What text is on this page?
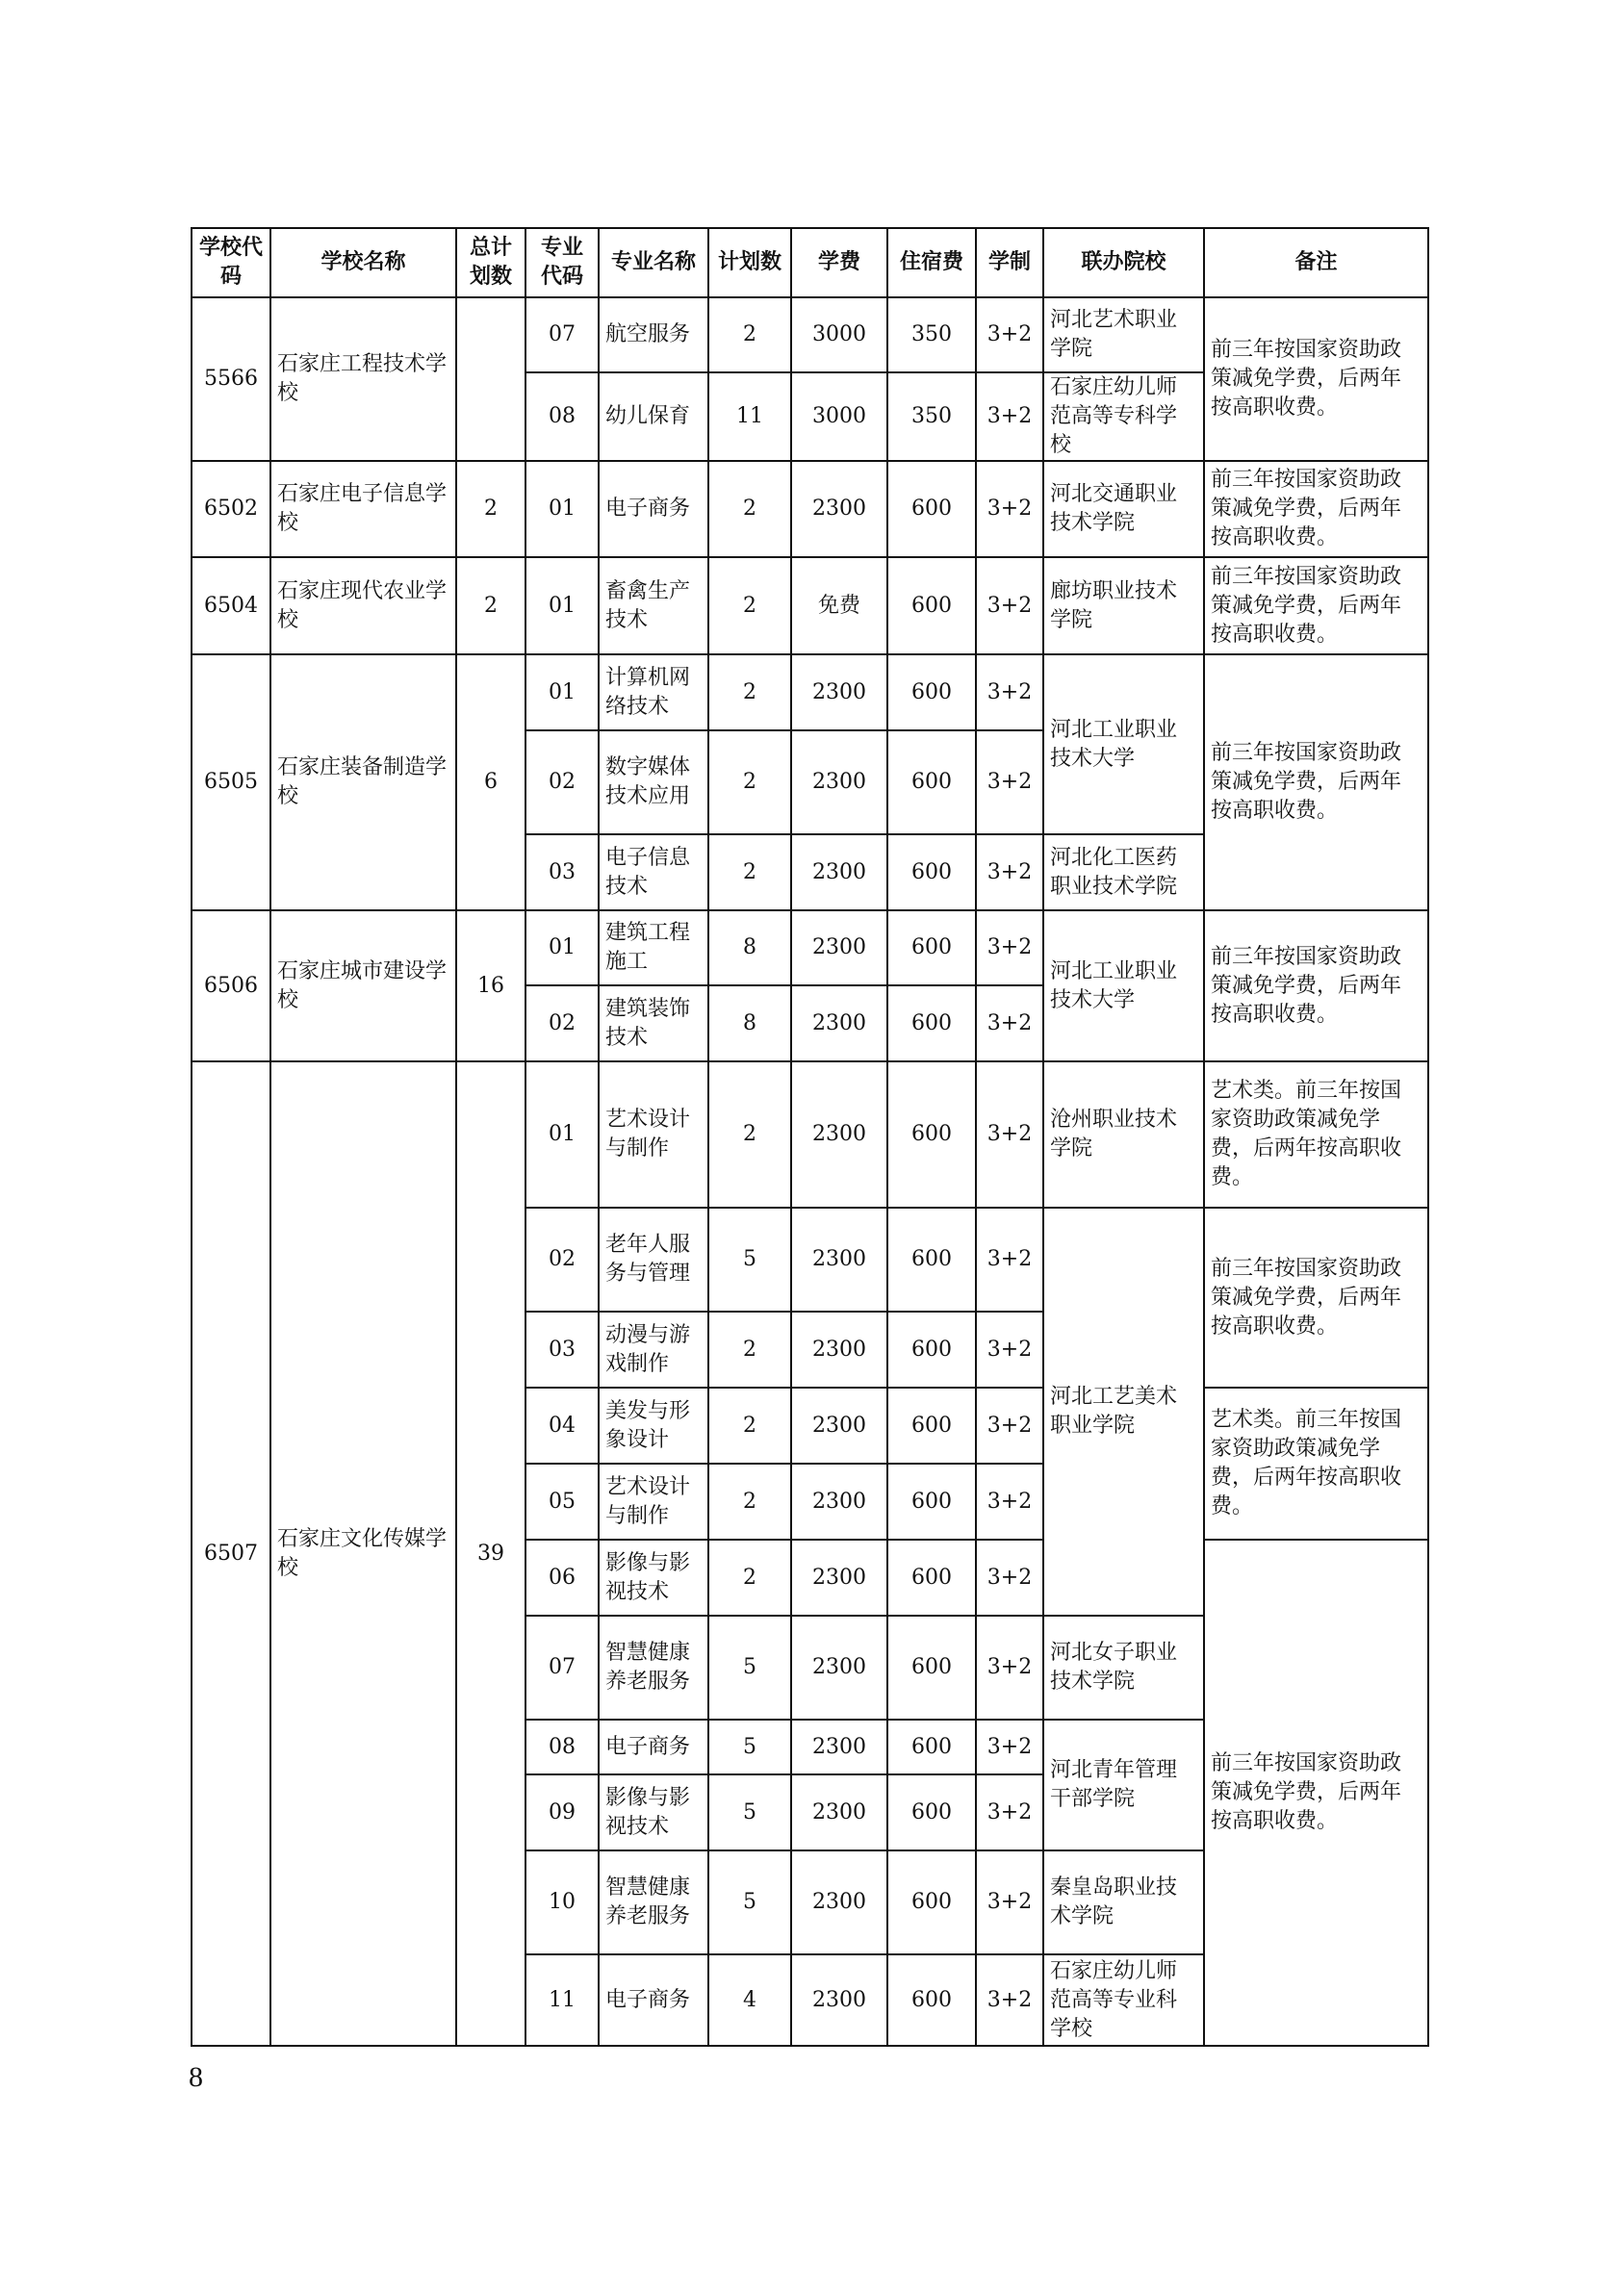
学校代码	学校名称	总计划数	专业代码	专业名称	计划数	学费	住宿费	学制	联办院校	备注
5566	石家庄工程技术学校		07	航空服务	2	3000	350	3+2	河北艺术职业学院	前三年按国家资助政策减免学费，后两年按高职收费。
			08	幼儿保育	11	3000	350	3+2	石家庄幼儿师范高等专科学校	
6502	石家庄电子信息学校	2	01	电子商务	2	2300	600	3+2	河北交通职业技术学院	前三年按国家资助政策减免学费，后两年按高职收费。
6504	石家庄现代农业学校	2	01	畜禽生产技术	2	免费	600	3+2	廊坊职业技术学院	前三年按国家资助政策减免学费，后两年按高职收费。
6505	石家庄装备制造学校	6	01	计算机网络技术	2	2300	600	3+2	河北工业职业技术大学	前三年按国家资助政策减免学费，后两年按高职收费。
			02	数字媒体技术应用	2	2300	600	3+2		
			03	电子信息技术	2	2300	600	3+2	河北化工医药职业技术学院	
6506	石家庄城市建设学校	16	01	建筑工程施工	8	2300	600	3+2	河北工业职业技术大学	前三年按国家资助政策减免学费，后两年按高职收费。
			02	建筑装饰技术	8	2300	600	3+2		
6507	石家庄文化传媒学校	39	01	艺术设计与制作	2	2300	600	3+2	沧州职业技术学院	艺术类。前三年按国家资助政策减免学费，后两年按高职收费。
			02	老年人服务与管理	5	2300	600	3+2	河北工艺美术职业学院	前三年按国家资助政策减免学费，后两年按高职收费。
			03	动漫与游戏制作	2	2300	600	3+2		
			04	美发与形象设计	2	2300	600	3+2		艺术类。前三年按国家资助政策减免学费，后两年按高职收费。
			05	艺术设计与制作	2	2300	600	3+2		
			06	影像与影视技术	2	2300	600	3+2		前三年按国家资助政策减免学费，后两年按高职收费。
			07	智慧健康养老服务	5	2300	600	3+2	河北女子职业技术学院	
			08	电子商务	5	2300	600	3+2	河北青年管理干部学院	
			09	影像与影视技术	5	2300	600	3+2		
			10	智慧健康养老服务	5	2300	600	3+2	秦皇岛职业技术学院	
			11	电子商务	4	2300	600	3+2	石家庄幼儿师范高等专业科学校	
8
